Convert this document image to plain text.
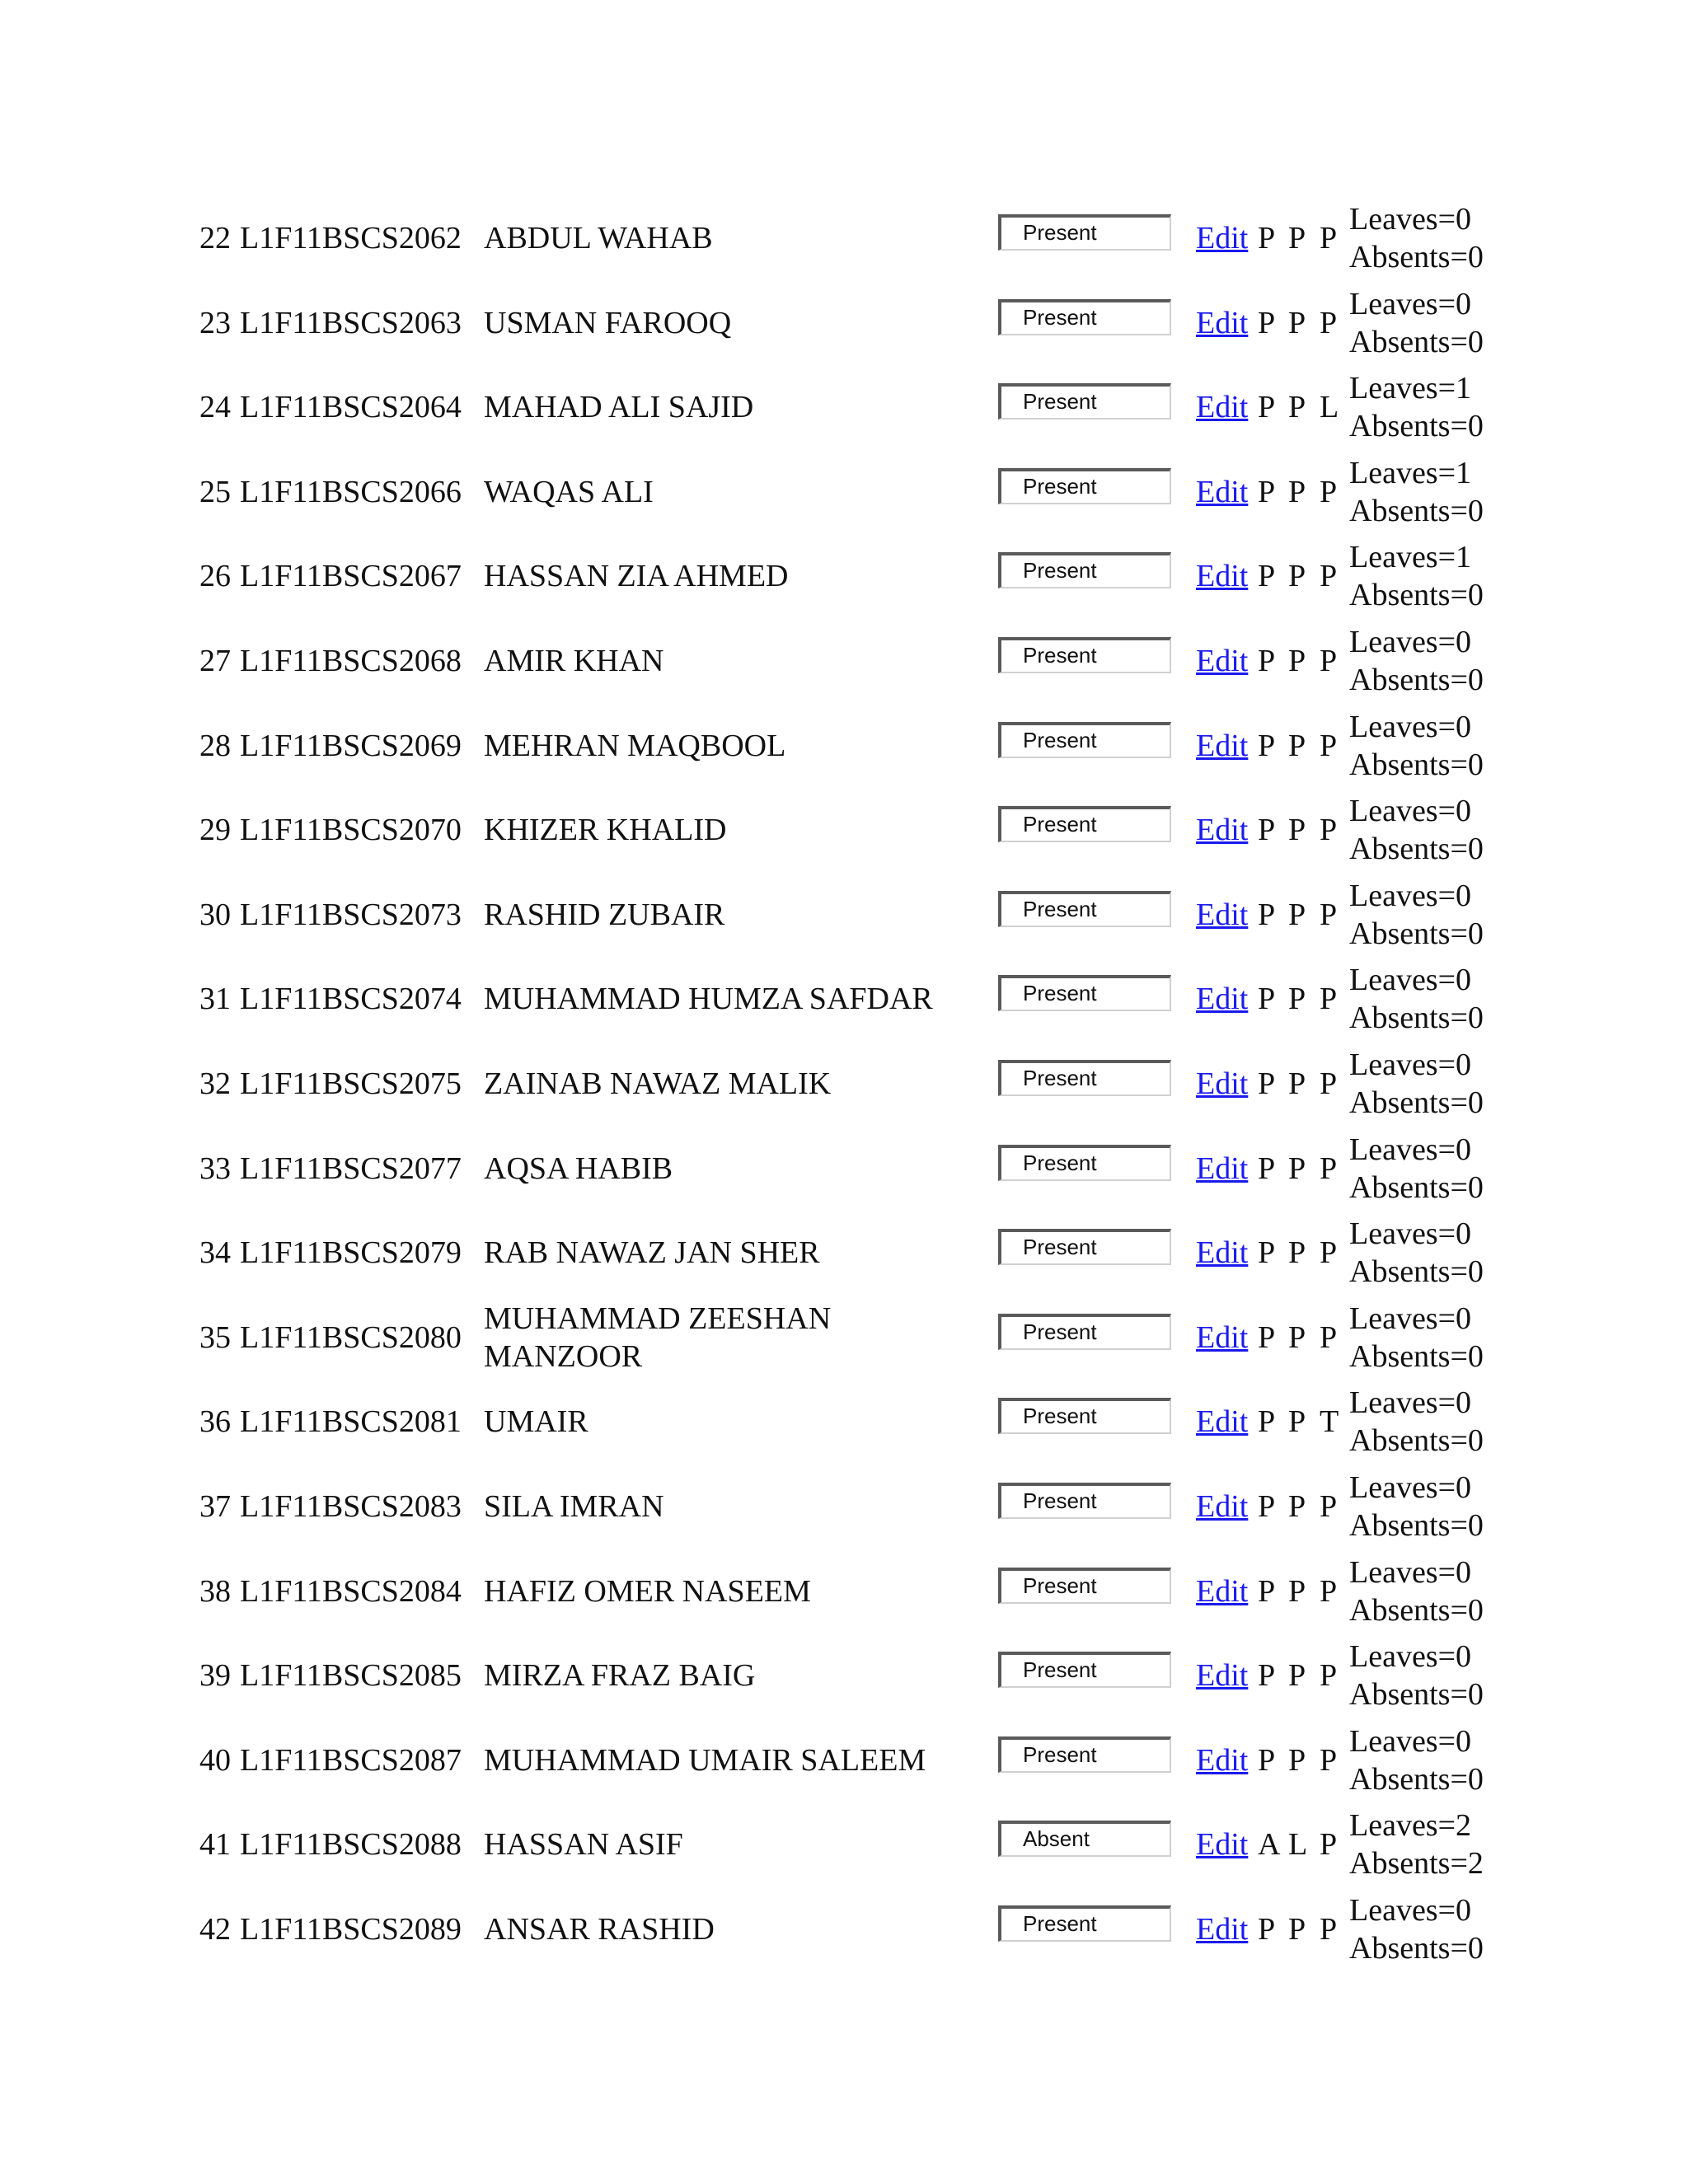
22 L1F11BSCS2062 ABDUL WAHAB	Present	Edit P P P
Leaves=0
Absents=0
23 L1F11BSCS2063 USMAN FAROOQ	Present	Edit P P P
Leaves=0
Absents=0
24 L1F11BSCS2064 MAHAD ALI SAJID	Present	Edit P P L
Leaves=1
Absents=0
25 L1F11BSCS2066 WAQAS ALI	Present	Edit P P P
Leaves=1
Absents=0
26 L1F11BSCS2067 HASSAN ZIA AHMED	Present	Edit P P P
Leaves=1
Absents=0
27 L1F11BSCS2068 AMIR KHAN	Present	Edit P P P
Leaves=0
Absents=0
28 L1F11BSCS2069 MEHRAN MAQBOOL	Present	Edit P P P
Leaves=0
Absents=0
29 L1F11BSCS2070 KHIZER KHALID	Present	Edit P P P
Leaves=0
Absents=0
30 L1F11BSCS2073 RASHID ZUBAIR	Present	Edit P P P
Leaves=0
Absents=0
31 L1F11BSCS2074 MUHAMMAD HUMZA SAFDAR	Present	Edit P P P
Leaves=0
Absents=0
32 L1F11BSCS2075 ZAINAB NAWAZ MALIK	Present	Edit P P P
Leaves=0
Absents=0
33 L1F11BSCS2077 AQSA HABIB	Present	Edit P P P
Leaves=0
Absents=0
34 L1F11BSCS2079 RAB NAWAZ JAN SHER	Present	Edit P P P
Leaves=0
Absents=0
35 L1F11BSCS2080
MUHAMMAD ZEESHAN MANZOOR
Present	Edit P P P
Leaves=0
Absents=0
36 L1F11BSCS2081 UMAIR	Present	Edit P P T
Leaves=0
Absents=0
37 L1F11BSCS2083 SILA IMRAN	Present	Edit P P P
Leaves=0
Absents=0
38 L1F11BSCS2084 HAFIZ OMER NASEEM	Present	Edit P P P
Leaves=0
Absents=0
39 L1F11BSCS2085 MIRZA FRAZ BAIG	Present	Edit P P P
Leaves=0
Absents=0
40 L1F11BSCS2087 MUHAMMAD UMAIR SALEEM	Present	Edit P P P
Leaves=0
Absents=0
41 L1F11BSCS2088 HASSAN ASIF	Absent	Edit A L P
Leaves=2
Absents=2
42 L1F11BSCS2089 ANSAR RASHID	Present	Edit P P P
Leaves=0
Absents=0
